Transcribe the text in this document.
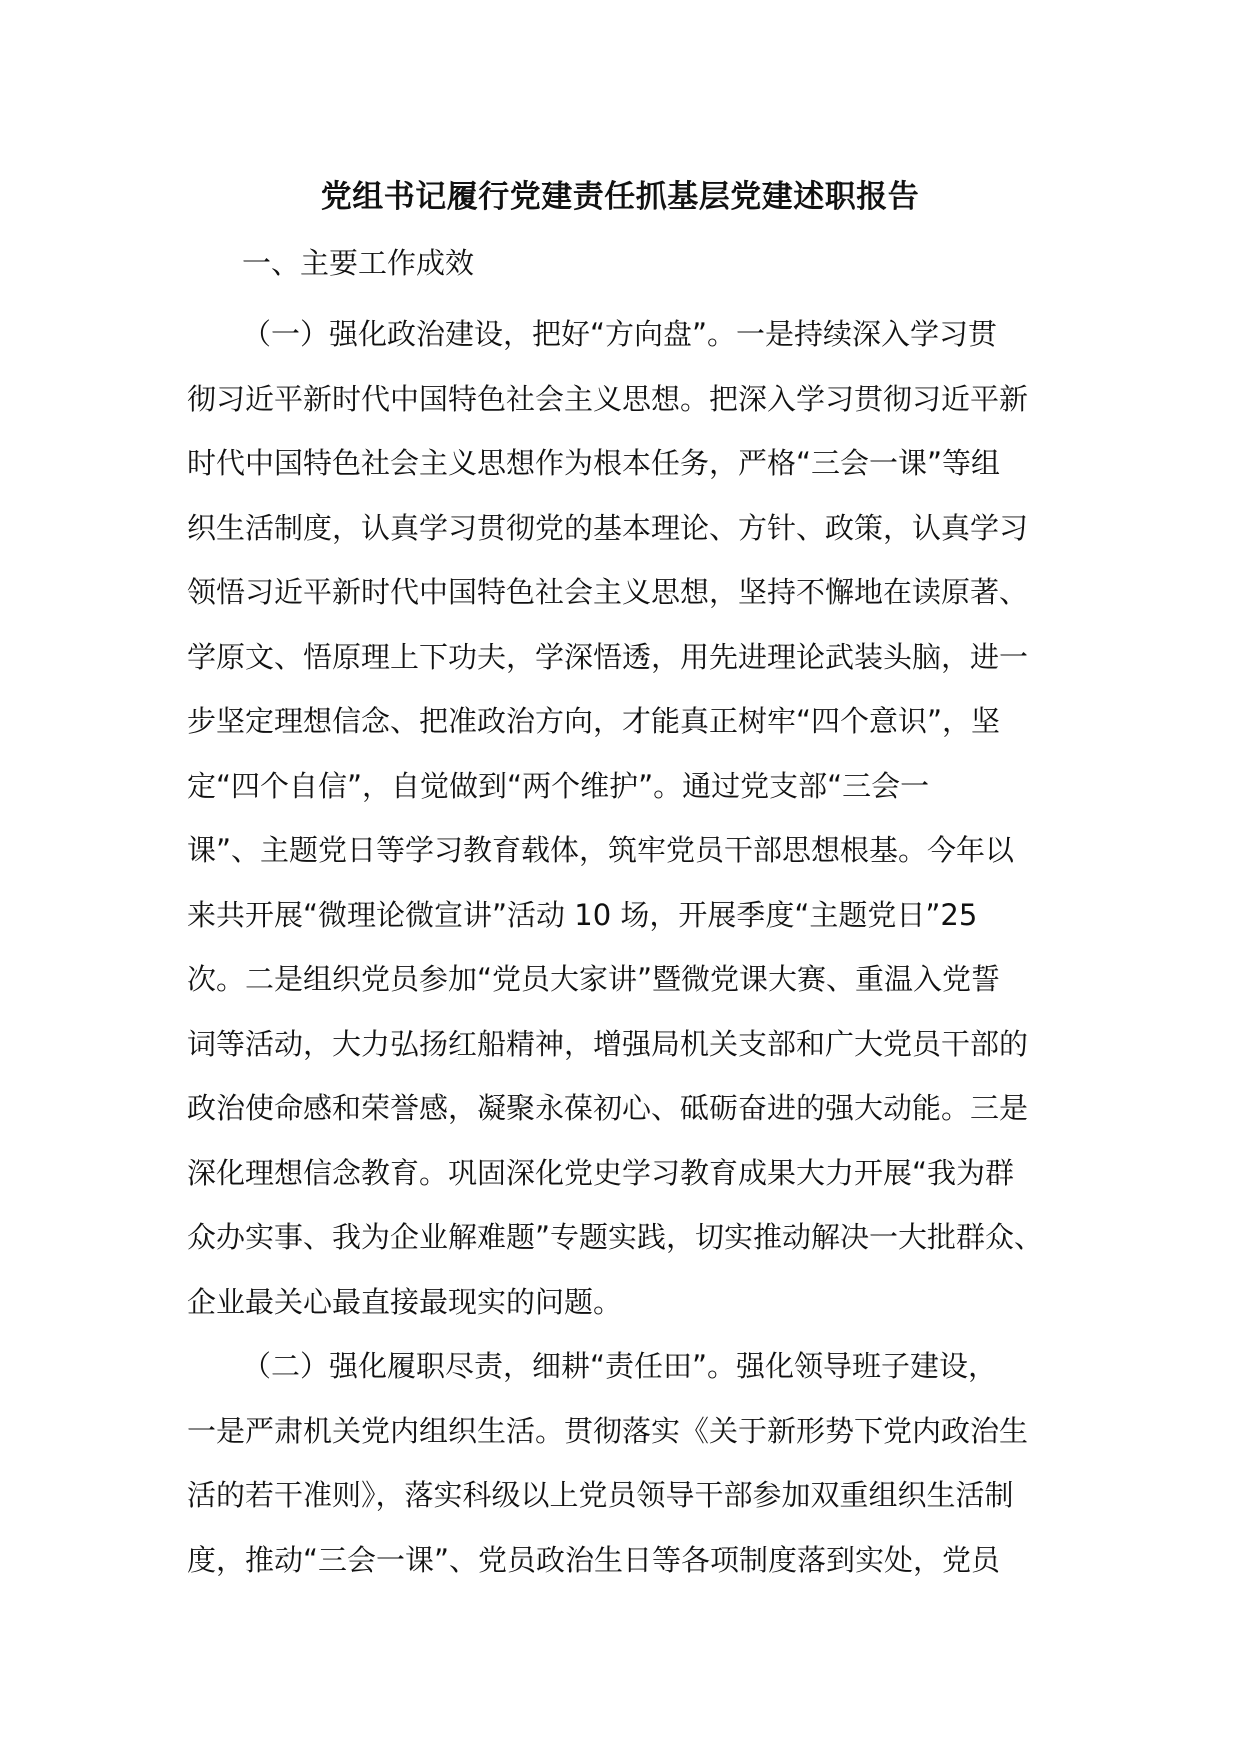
党组书记履行党建责任抓基层党建述职报告
一、主要工作成效
（一）强化政治建设，把好“方向盘”。一是持续深入学习贯
彻习近平新时代中国特色社会主义思想。把深入学习贯彻习近平新
时代中国特色社会主义思想作为根本任务，严格“三会一课”等组
织生活制度，认真学习贯彻党的基本理论、方针、政策，认真学习
领悟习近平新时代中国特色社会主义思想，坚持不懈地在读原著、
学原文、悟原理上下功夫，学深悟透，用先进理论武装头脑，进一
步坚定理想信念、把准政治方向，才能真正树牢“四个意识”，坚
定“四个自信”，自觉做到“两个维护”。通过党支部“三会一
课”、主题党日等学习教育载体，筑牢党员干部思想根基。今年以
来共开展“微理论微宣讲”活动 10 场，开展季度“主题党日”25
次。二是组织党员参加“党员大家讲”暨微党课大赛、重温入党誓
词等活动，大力弘扬红船精神，增强局机关支部和广大党员干部的
政治使命感和荣誉感，凝聚永葆初心、砥砺奋进的强大动能。三是
深化理想信念教育。巩固深化党史学习教育成果大力开展“我为群
众办实事、我为企业解难题”专题实践，切实推动解决一大批群众、
企业最关心最直接最现实的问题。
（二）强化履职尽责，细耕“责任田”。强化领导班子建设，
一是严肃机关党内组织生活。贯彻落实《关于新形势下党内政治生
活的若干准则》，落实科级以上党员领导干部参加双重组织生活制
度，推动“三会一课”、党员政治生日等各项制度落到实处，党员
